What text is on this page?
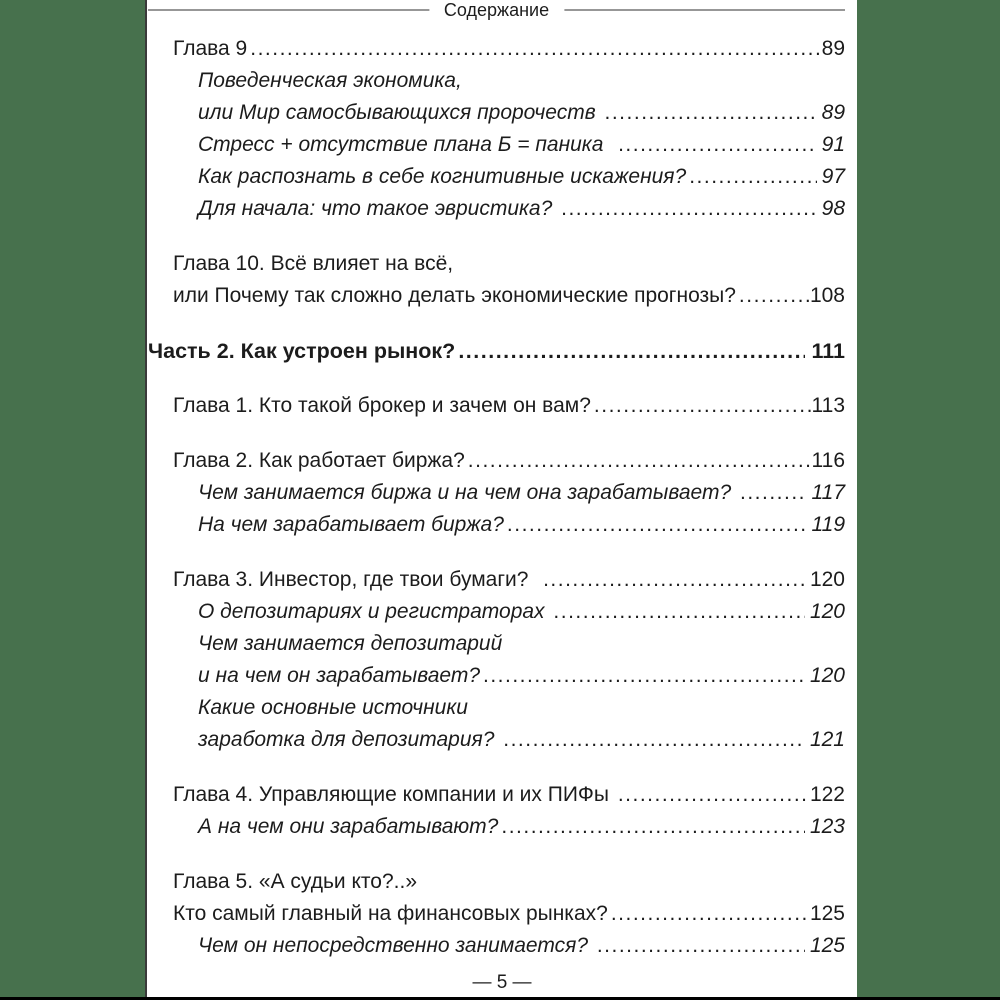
Содержание
Глава 9 .....	89
Поведенческая экономика,
или Мир самосбывающихся пророчеств .....	89
Стресс + отсутствие плана Б = паника .....	91
Как распознать в себе когнитивные искажения? .....	97
Для начала: что такое эвристика? .....	98
Глава 10. Всё влияет на всё,
или Почему так сложно делать экономические прогнозы? .....	108
Часть 2. Как устроен рынок? .....	111
Глава 1. Кто такой брокер и зачем он вам? .....	113
Глава 2. Как работает биржа? .....	116
Чем занимается биржа и на чем она зарабатывает? .....	117
На чем зарабатывает биржа? .....	119
Глава 3. Инвестор, где твои бумаги? .....	120
О депозитариях и регистраторах .....	120
Чем занимается депозитарий
и на чем он зарабатывает? .....	120
Какие основные источники
заработка для депозитария? .....	121
Глава 4. Управляющие компании и их ПИФы .....	122
А на чем они зарабатывают? .....	123
Глава 5. «А судьи кто?..»
Кто самый главный на финансовых рынках? .....	125
Чем он непосредственно занимается? .....	125
— 5 —
